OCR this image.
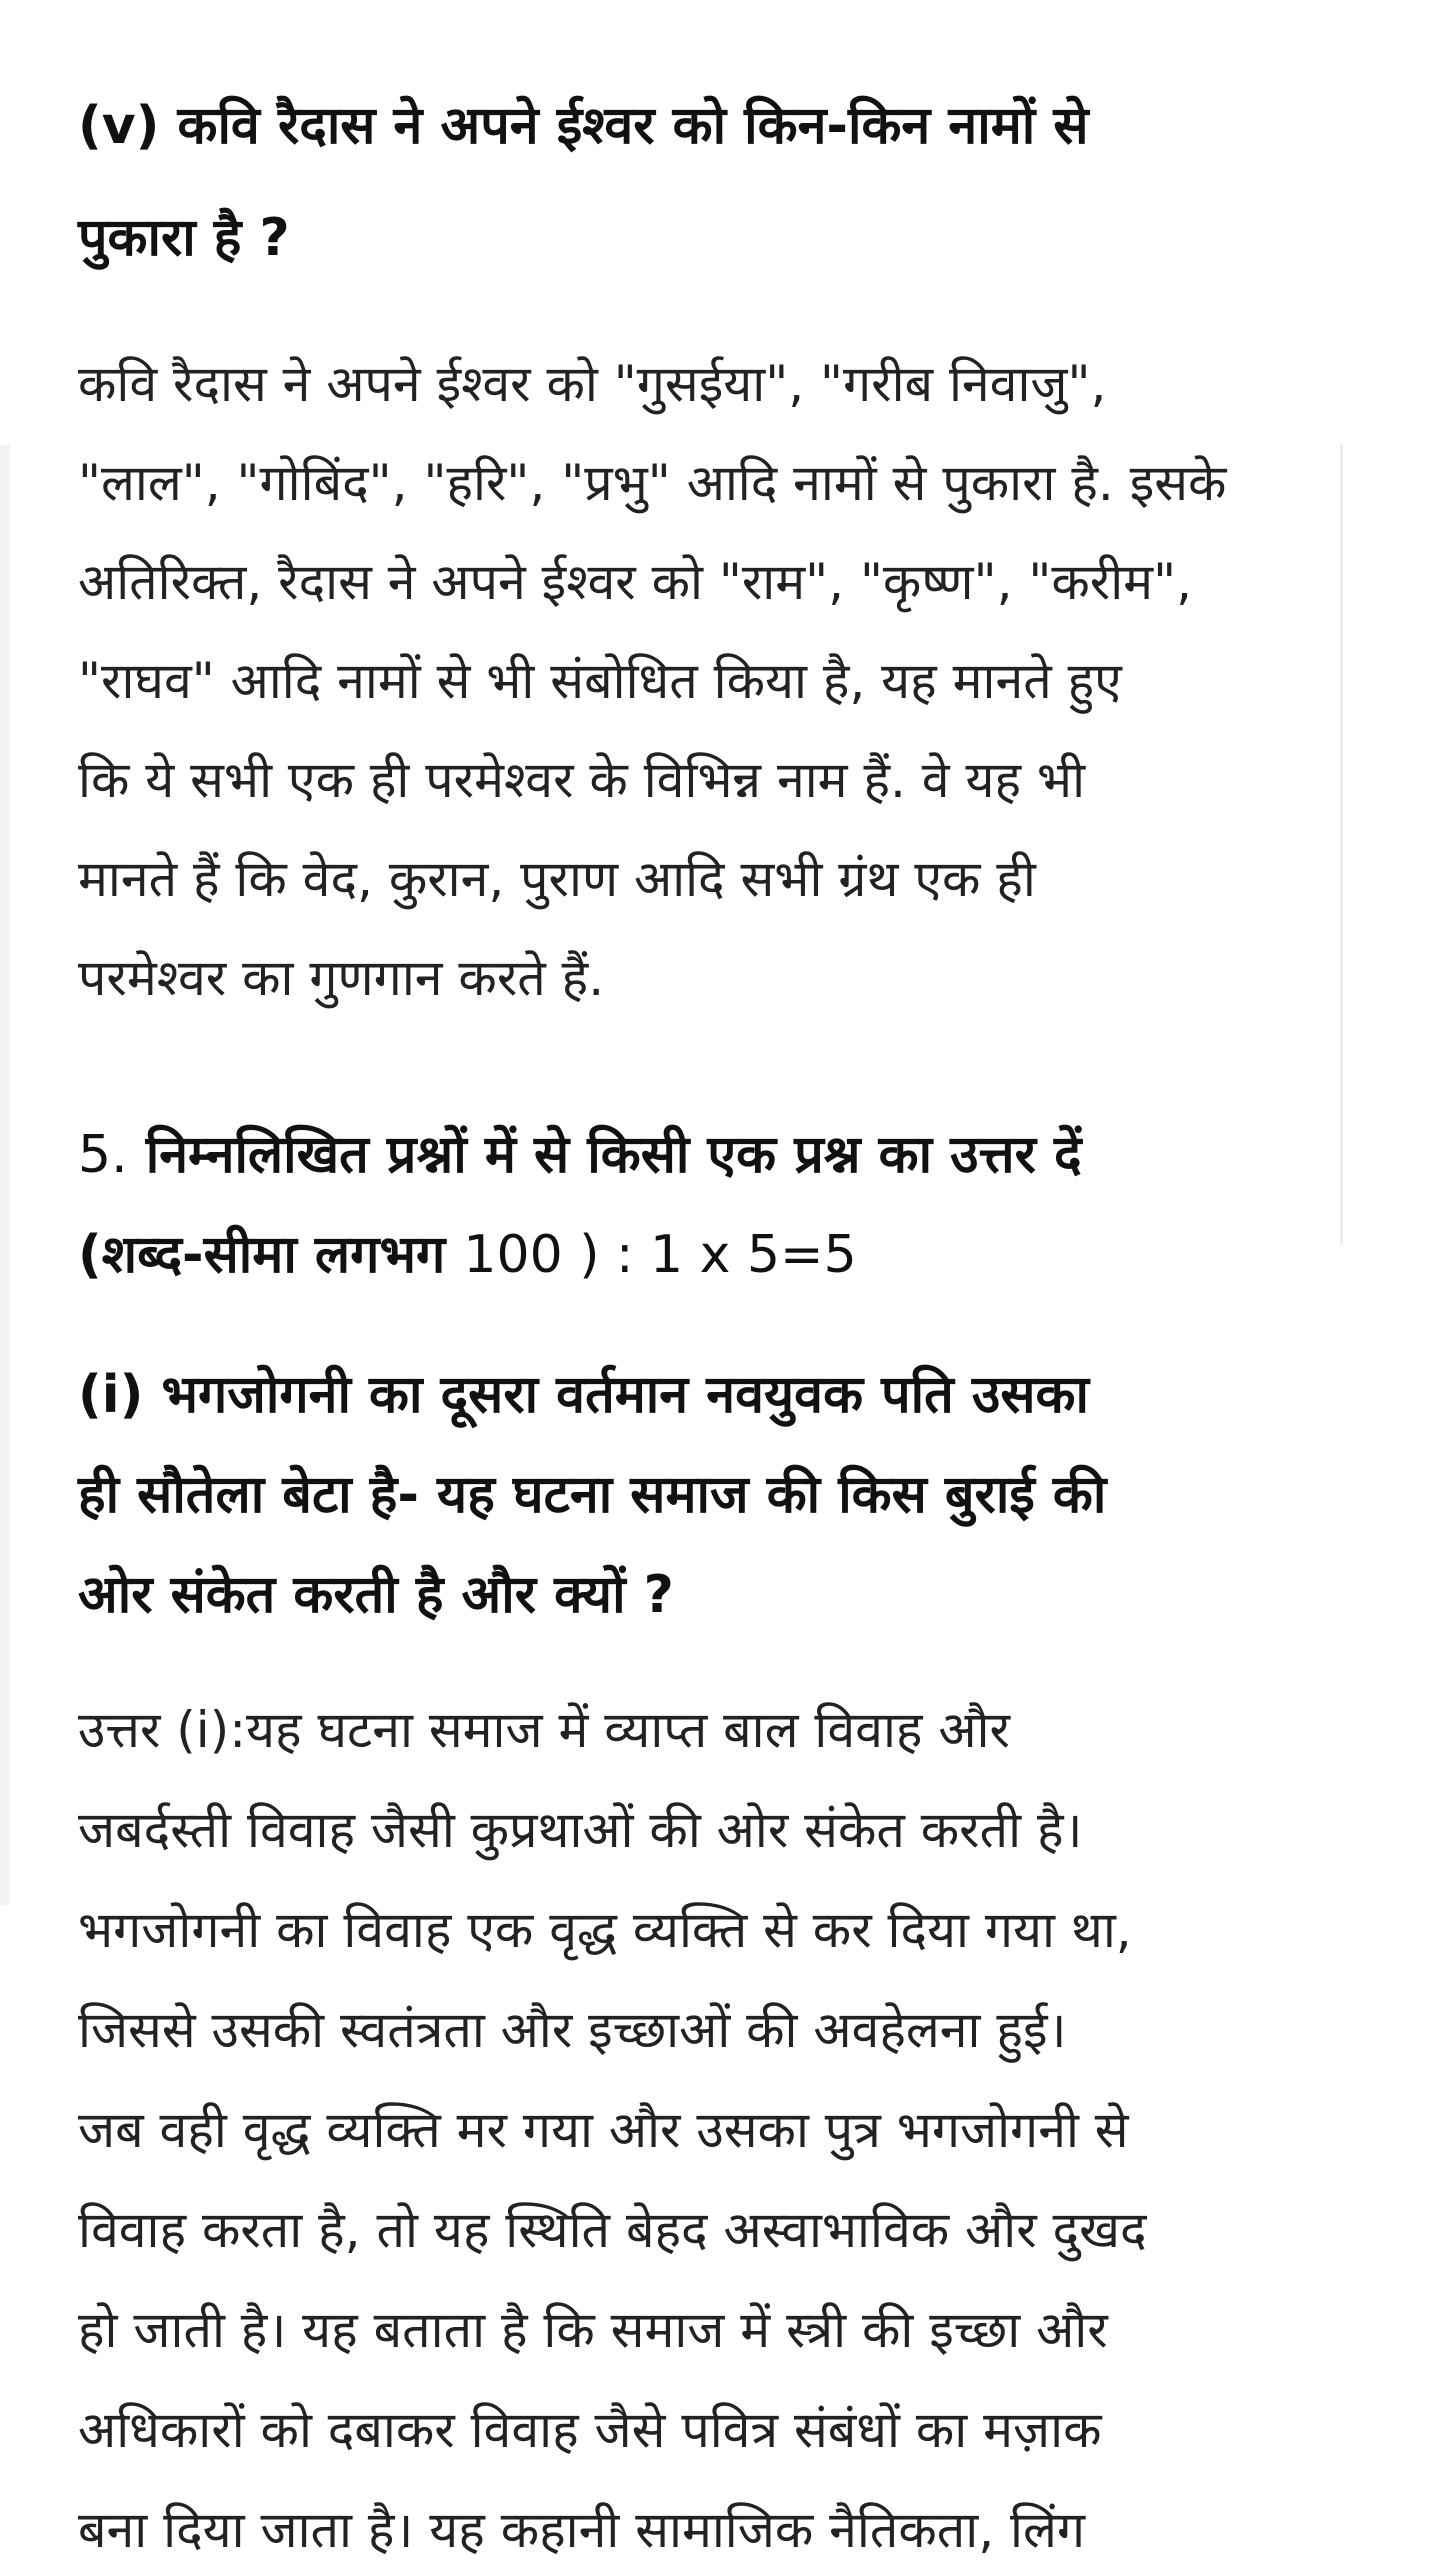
(v) कवि रैदास ने अपने ईश्वर को किन-किन नामों से
पुकारा है ?
कवि रैदास ने अपने ईश्वर को "गुसईया", "गरीब निवाजु",
"लाल", "गोबिंद", "हरि", "प्रभु" आदि नामों से पुकारा है. इसके
अतिरिक्त, रैदास ने अपने ईश्वर को "राम", "कृष्ण", "करीम",
"राघव" आदि नामों से भी संबोधित किया है, यह मानते हुए
कि ये सभी एक ही परमेश्वर के विभिन्न नाम हैं. वे यह भी
मानते हैं कि वेद, कुरान, पुराण आदि सभी ग्रंथ एक ही
परमेश्वर का गुणगान करते हैं.
5. निम्नलिखित प्रश्नों में से किसी एक प्रश्न का उत्तर दें
(शब्द-सीमा लगभग 100 ) : 1 x 5=5
(i) भगजोगनी का दूसरा वर्तमान नवयुवक पति उसका
ही सौतेला बेटा है- यह घटना समाज की किस बुराई की
ओर संकेत करती है और क्यों ?
उत्तर (i):यह घटना समाज में व्याप्त बाल विवाह और
जबर्दस्ती विवाह जैसी कुप्रथाओं की ओर संकेत करती है।
भगजोगनी का विवाह एक वृद्ध व्यक्ति से कर दिया गया था,
जिससे उसकी स्वतंत्रता और इच्छाओं की अवहेलना हुई।
जब वही वृद्ध व्यक्ति मर गया और उसका पुत्र भगजोगनी से
विवाह करता है, तो यह स्थिति बेहद अस्वाभाविक और दुखद
हो जाती है। यह बताता है कि समाज में स्त्री की इच्छा और
अधिकारों को दबाकर विवाह जैसे पवित्र संबंधों का मज़ाक
बना दिया जाता है। यह कहानी सामाजिक नैतिकता, लिंग
